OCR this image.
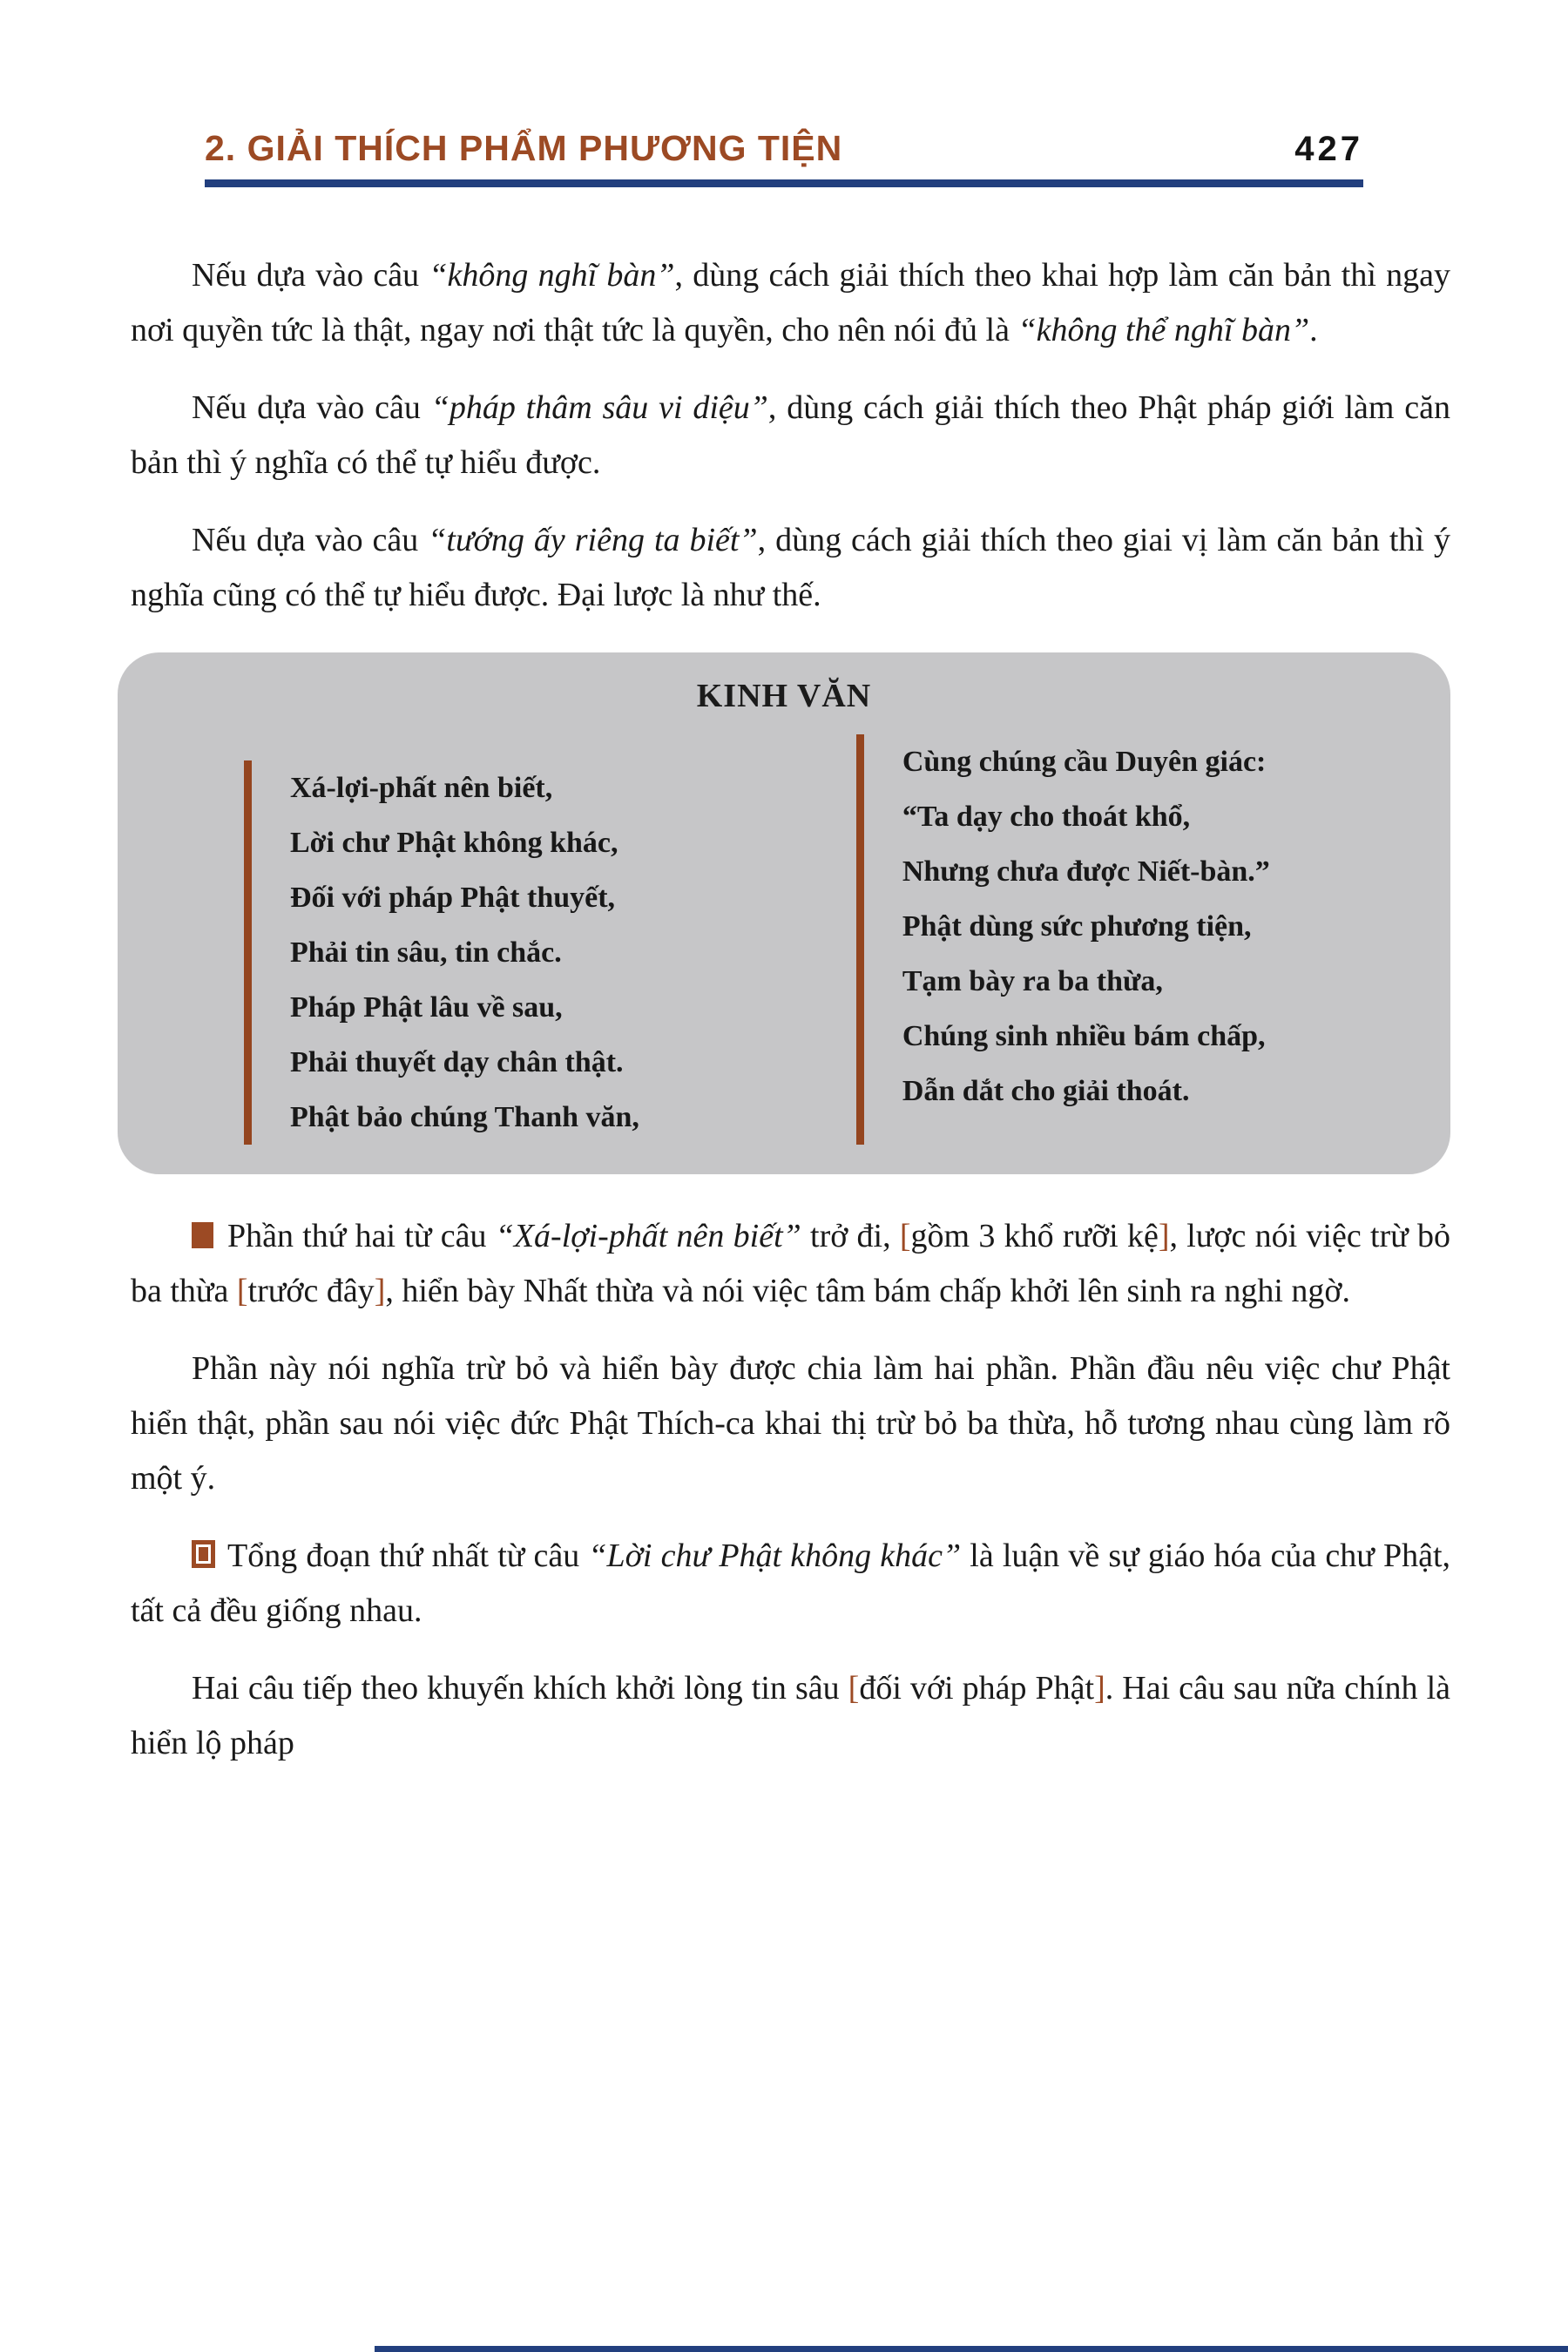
2. GIẢI THÍCH PHẨM PHƯƠNG TIỆN	427

Nếu dựa vào câu “không nghĩ bàn”, dùng cách giải thích theo khai hợp làm căn bản thì ngay nơi quyền tức là thật, ngay nơi thật tức là quyền, cho nên nói đủ là “không thể nghĩ bàn”.

Nếu dựa vào câu “pháp thâm sâu vi diệu”, dùng cách giải thích theo Phật pháp giới làm căn bản thì ý nghĩa có thể tự hiểu được.

Nếu dựa vào câu “tướng ấy riêng ta biết”, dùng cách giải thích theo giai vị làm căn bản thì ý nghĩa cũng có thể tự hiểu được. Đại lược là như thế.

KINH VĂN
Xá-lợi-phất nên biết,
Lời chư Phật không khác,
Đối với pháp Phật thuyết,
Phải tin sâu, tin chắc.
Pháp Phật lâu về sau,
Phải thuyết dạy chân thật.
Phật bảo chúng Thanh văn,
Cùng chúng cầu Duyên giác:
“Ta dạy cho thoát khổ,
Nhưng chưa được Niết-bàn.”
Phật dùng sức phương tiện,
Tạm bày ra ba thừa,
Chúng sinh nhiều bám chấp,
Dẫn dắt cho giải thoát.

Phần thứ hai từ câu “Xá-lợi-phất nên biết” trở đi, [gồm 3 khổ rưỡi kệ], lược nói việc trừ bỏ ba thừa [trước đây], hiển bày Nhất thừa và nói việc tâm bám chấp khởi lên sinh ra nghi ngờ.

Phần này nói nghĩa trừ bỏ và hiển bày được chia làm hai phần. Phần đầu nêu việc chư Phật hiển thật, phần sau nói việc đức Phật Thích-ca khai thị trừ bỏ ba thừa, hỗ tương nhau cùng làm rõ một ý.

Tổng đoạn thứ nhất từ câu “Lời chư Phật không khác” là luận về sự giáo hóa của chư Phật, tất cả đều giống nhau.

Hai câu tiếp theo khuyến khích khởi lòng tin sâu [đối với pháp Phật]. Hai câu sau nữa chính là hiển lộ pháp
